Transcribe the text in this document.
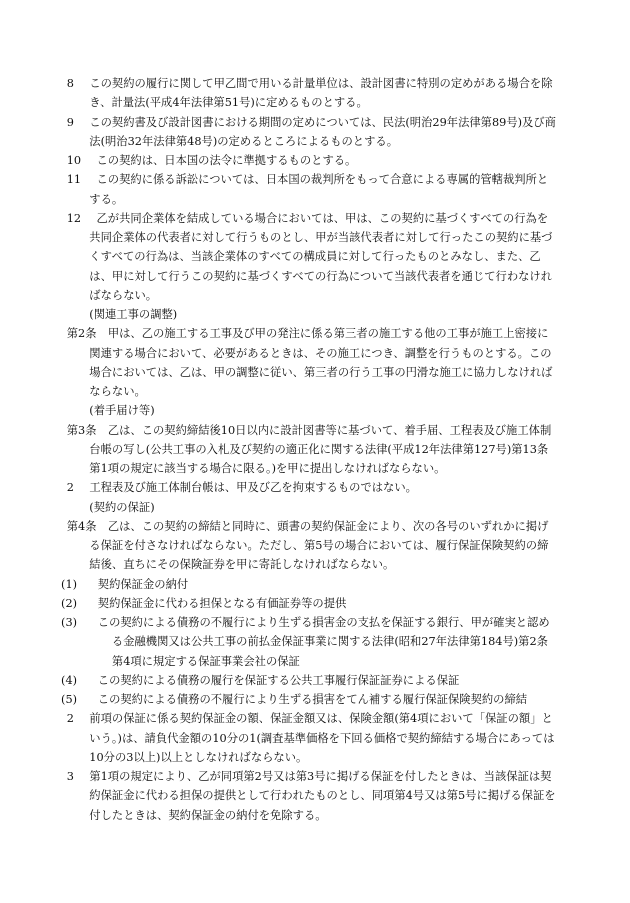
8　 この契約の履行に関して甲乙間で用いる計量単位は、設計図書に特別の定めがある場合を除き、計量法(平成4年法律第51号)に定めるものとする。

9　 この契約書及び設計図書における期間の定めについては、民法(明治29年法律第89号)及び商法(明治32年法律第48号)の定めるところによるものとする。

10　 この契約は、日本国の法令に準拠するものとする。

11　 この契約に係る訴訟については、日本国の裁判所をもって合意による専属的管轄裁判所とする。

12　 乙が共同企業体を結成している場合においては、甲は、この契約に基づくすべての行為を共同企業体の代表者に対して行うものとし、甲が当該代表者に対して行ったこの契約に基づくすべての行為は、当該企業体のすべての構成員に対して行ったものとみなし、また、乙は、甲に対して行うこの契約に基づくすべての行為について当該代表者を通じて行わなければならない。

(関連工事の調整)

第2条　 甲は、乙の施工する工事及び甲の発注に係る第三者の施工する他の工事が施工上密接に関連する場合において、必要があるときは、その施工につき、調整を行うものとする。この場合においては、乙は、甲の調整に従い、第三者の行う工事の円滑な施工に協力しなければならない。

(着手届け等)

第3条　 乙は、この契約締結後10日以内に設計図書等に基づいて、着手届、工程表及び施工体制台帳の写し(公共工事の入札及び契約の適正化に関する法律(平成12年法律第127号)第13条第1項の規定に該当する場合に限る。)を甲に提出しなければならない。

2　 工程表及び施工体制台帳は、甲及び乙を拘束するものではない。

(契約の保証)

第4条　 乙は、この契約の締結と同時に、頭書の契約保証金により、次の各号のいずれかに掲げる保証を付さなければならない。ただし、第5号の場合においては、履行保証保険契約の締結後、直ちにその保険証券を甲に寄託しなければならない。

(1)　 契約保証金の納付

(2)　 契約保証金に代わる担保となる有価証券等の提供

(3)　 この契約による債務の不履行により生ずる損害金の支払を保証する銀行、甲が確実と認める金融機関又は公共工事の前払金保証事業に関する法律(昭和27年法律第184号)第2条第4項に規定する保証事業会社の保証

(4)　 この契約による債務の履行を保証する公共工事履行保証証券による保証

(5)　 この契約による債務の不履行により生ずる損害をてん補する履行保証保険契約の締結

2　 前項の保証に係る契約保証金の額、保証金額又は、保険金額(第4項において「保証の額」という。)は、請負代金額の10分の1(調査基準価格を下回る価格で契約締結する場合にあっては10分の3以上)以上としなければならない。

3　 第1項の規定により、乙が同項第2号又は第3号に掲げる保証を付したときは、当該保証は契約保証金に代わる担保の提供として行われたものとし、同項第4号又は第5号に掲げる保証を付したときは、契約保証金の納付を免除する。
